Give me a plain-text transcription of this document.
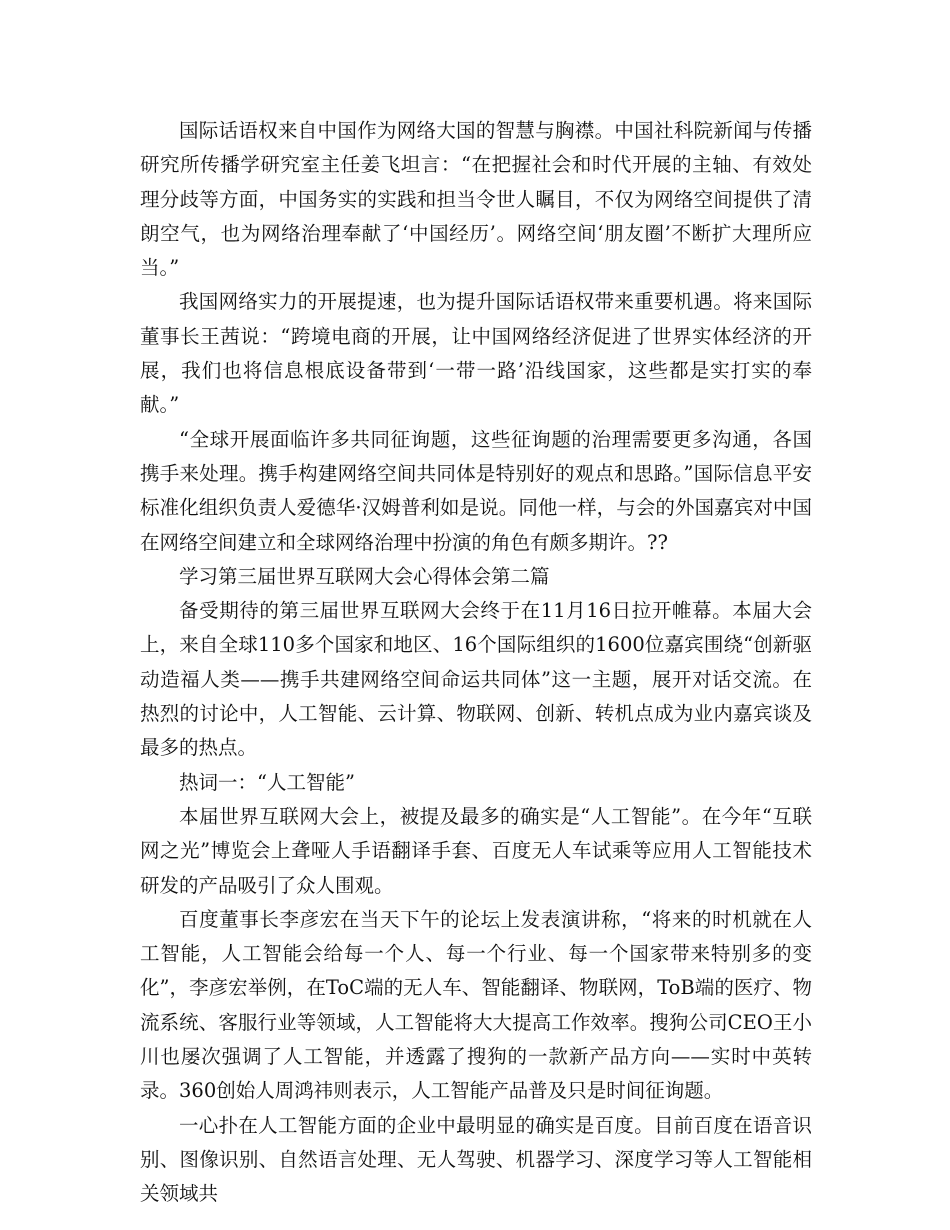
国际话语权来自中国作为网络大国的智慧与胸襟。中国社科院新闻与传播研究所传播学研究室主任姜飞坦言：“在把握社会和时代开展的主轴、有效处理分歧等方面，中国务实的实践和担当令世人瞩目，不仅为网络空间提供了清朗空气，也为网络治理奉献了‘中国经历’。网络空间‘朋友圈’不断扩大理所应当。”

我国网络实力的开展提速，也为提升国际话语权带来重要机遇。将来国际董事长王茜说：“跨境电商的开展，让中国网络经济促进了世界实体经济的开展，我们也将信息根底设备带到‘一带一路’沿线国家，这些都是实打实的奉献。”

“全球开展面临许多共同征询题，这些征询题的治理需要更多沟通，各国携手来处理。携手构建网络空间共同体是特别好的观点和思路。”国际信息平安标准化组织负责人爱德华·汉姆普利如是说。同他一样，与会的外国嘉宾对中国在网络空间建立和全球网络治理中扮演的角色有颇多期许。??

学习第三届世界互联网大会心得体会第二篇

备受期待的第三届世界互联网大会终于在11月16日拉开帷幕。本届大会上，来自全球110多个国家和地区、16个国际组织的1600位嘉宾围绕“创新驱动造福人类——携手共建网络空间命运共同体”这一主题，展开对话交流。在热烈的讨论中，人工智能、云计算、物联网、创新、转机点成为业内嘉宾谈及最多的热点。

热词一：“人工智能”

本届世界互联网大会上，被提及最多的确实是“人工智能”。在今年“互联网之光”博览会上聋哑人手语翻译手套、百度无人车试乘等应用人工智能技术研发的产品吸引了众人围观。

百度董事长李彦宏在当天下午的论坛上发表演讲称，“将来的时机就在人工智能，人工智能会给每一个人、每一个行业、每一个国家带来特别多的变化”，李彦宏举例，在ToC端的无人车、智能翻译、物联网，ToB端的医疗、物流系统、客服行业等领域，人工智能将大大提高工作效率。搜狗公司CEO王小川也屡次强调了人工智能，并透露了搜狗的一款新产品方向——实时中英转录。360创始人周鸿祎则表示，人工智能产品普及只是时间征询题。

一心扑在人工智能方面的企业中最明显的确实是百度。目前百度在语音识别、图像识别、自然语言处理、无人驾驶、机器学习、深度学习等人工智能相关领域共
